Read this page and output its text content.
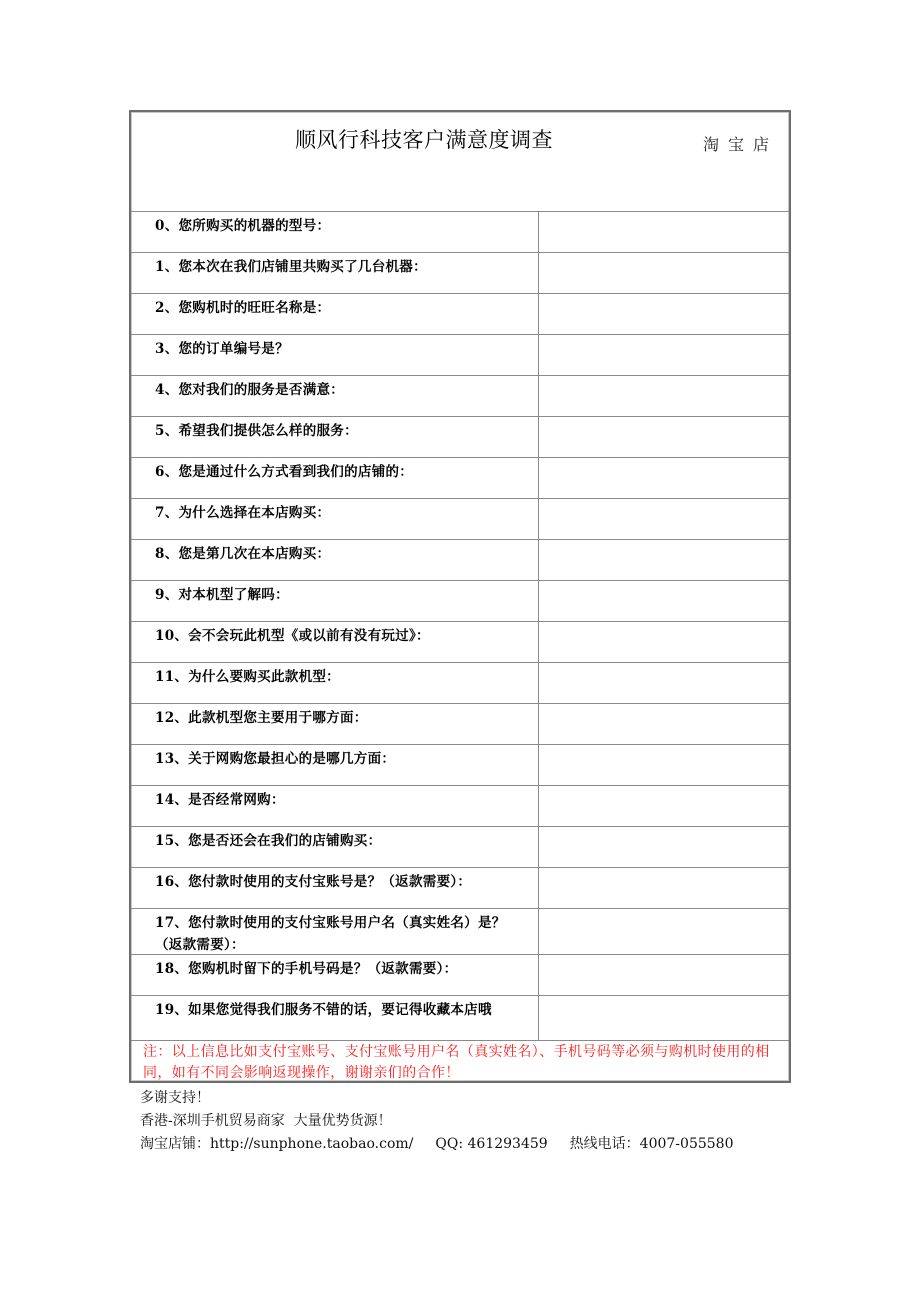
顺风行科技客户满意度调查	淘宝店
0、您所购买的机器的型号：
1、您本次在我们店铺里共购买了几台机器：
2、您购机时的旺旺名称是：
3、您的订单编号是？
4、您对我们的服务是否满意：
5、希望我们提供怎么样的服务：
6、您是通过什么方式看到我们的店铺的：
7、为什么选择在本店购买：
8、您是第几次在本店购买：
9、对本机型了解吗：
10、会不会玩此机型《或以前有没有玩过》：
11、为什么要购买此款机型：
12、此款机型您主要用于哪方面：
13、关于网购您最担心的是哪几方面：
14、是否经常网购：
15、您是否还会在我们的店铺购买：
16、您付款时使用的支付宝账号是？（返款需要）：
17、您付款时使用的支付宝账号用户名（真实姓名）是？（返款需要）：
18、您购机时留下的手机号码是？（返款需要）：
19、如果您觉得我们服务不错的话，要记得收藏本店哦
注：以上信息比如支付宝账号、支付宝账号用户名（真实姓名）、手机号码等必须与购机时使用的相同，如有不同会影响返现操作，谢谢亲们的合作！
多谢支持！
香港-深圳手机贸易商家  大量优势货源！
淘宝店铺：http://sunphone.taobao.com/ QQ: 461293459 热线电话：4007-055580
